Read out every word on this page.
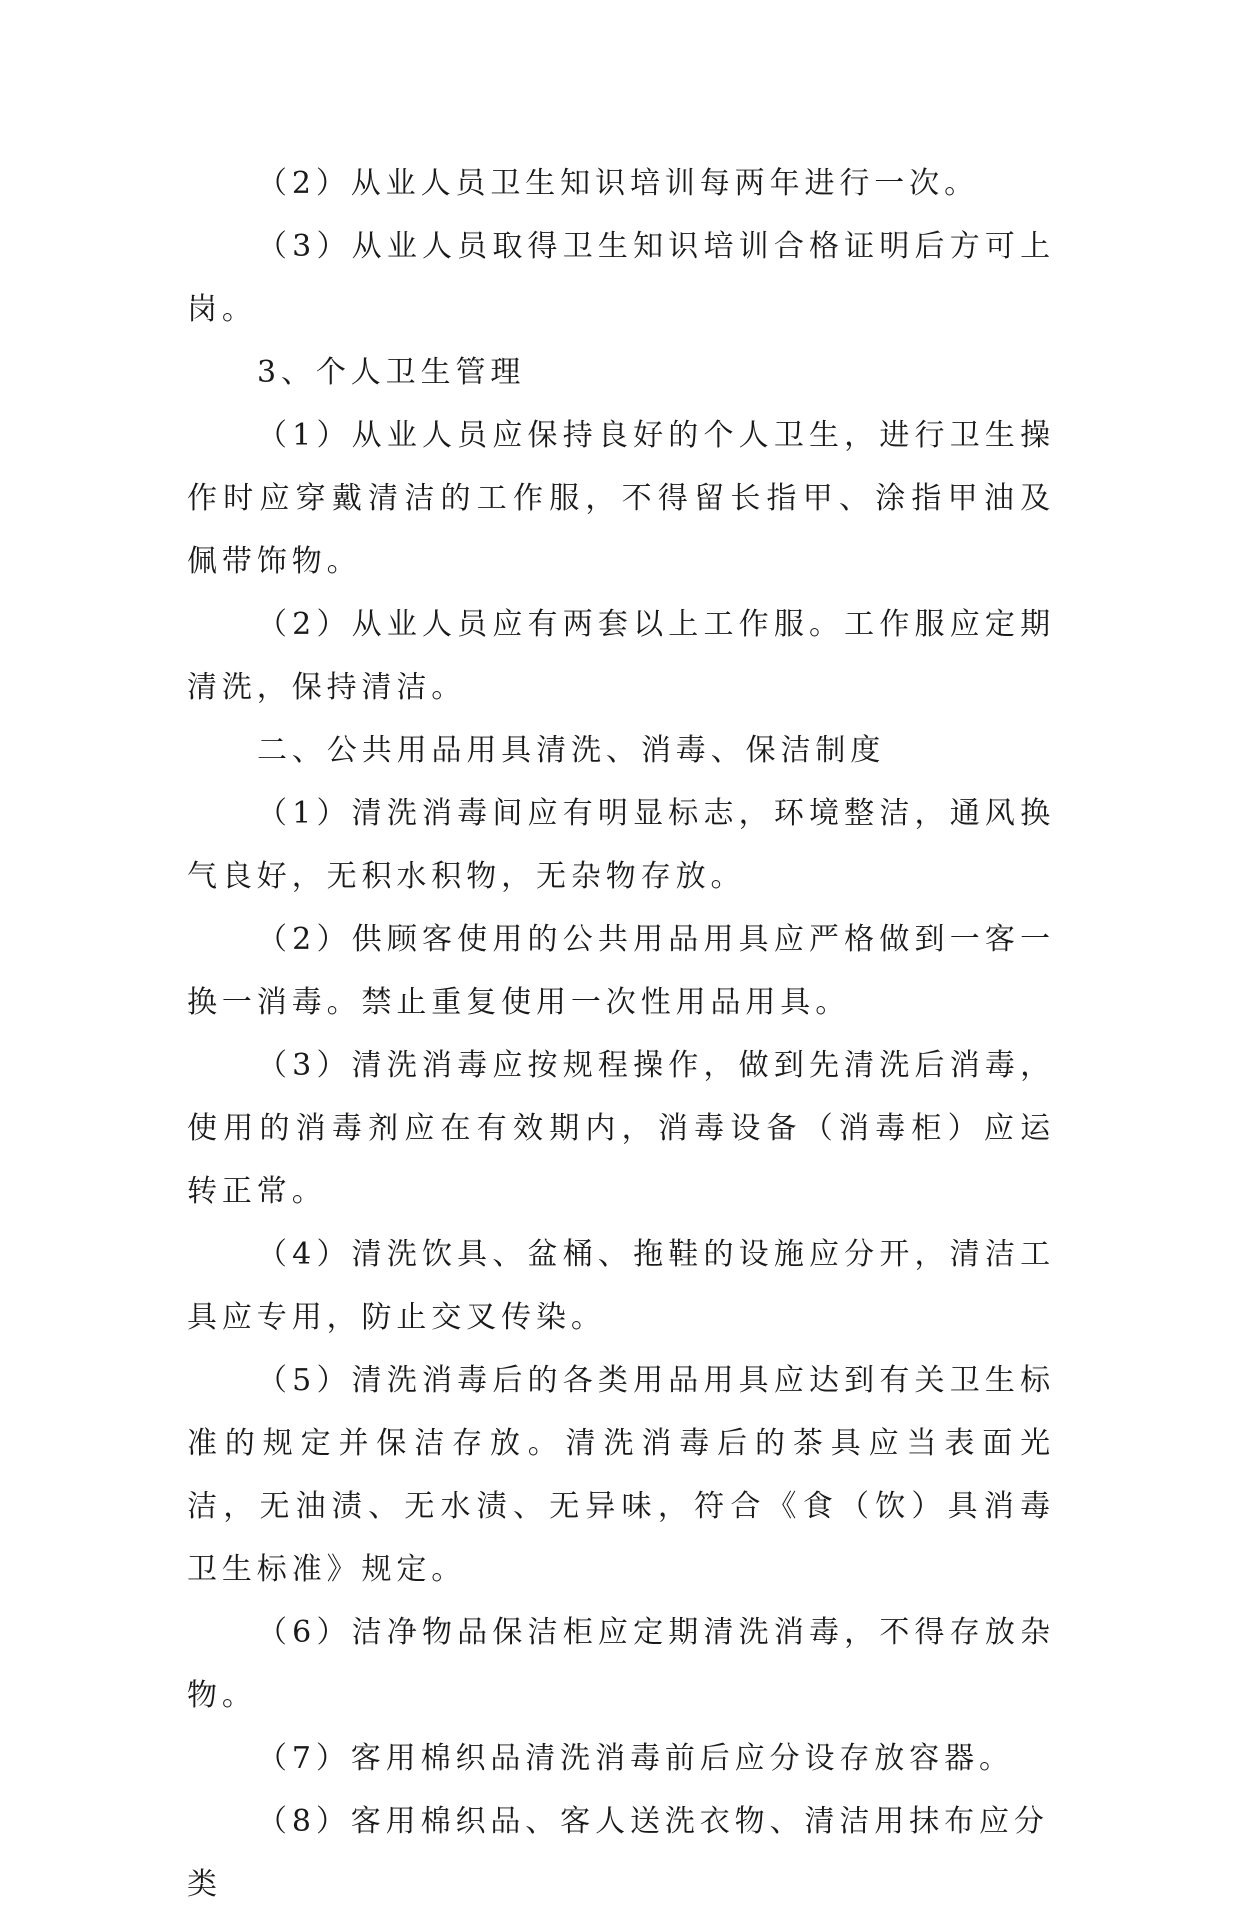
（2）从业人员卫生知识培训每两年进行一次。

（3）从业人员取得卫生知识培训合格证明后方可上岗。

3、个人卫生管理

（1）从业人员应保持良好的个人卫生，进行卫生操作时应穿戴清洁的工作服，不得留长指甲、涂指甲油及佩带饰物。

（2）从业人员应有两套以上工作服。工作服应定期清洗，保持清洁。

二、公共用品用具清洗、消毒、保洁制度

（1）清洗消毒间应有明显标志，环境整洁，通风换气良好，无积水积物，无杂物存放。

（2）供顾客使用的公共用品用具应严格做到一客一换一消毒。禁止重复使用一次性用品用具。

（3）清洗消毒应按规程操作，做到先清洗后消毒，使用的消毒剂应在有效期内，消毒设备（消毒柜）应运转正常。

（4）清洗饮具、盆桶、拖鞋的设施应分开，清洁工具应专用，防止交叉传染。

（5）清洗消毒后的各类用品用具应达到有关卫生标准的规定并保洁存放。清洗消毒后的茶具应当表面光洁，无油渍、无水渍、无异味，符合《食（饮）具消毒卫生标准》规定。

（6）洁净物品保洁柜应定期清洗消毒，不得存放杂物。

（7）客用棉织品清洗消毒前后应分设存放容器。

（8）客用棉织品、客人送洗衣物、清洁用抹布应分类
